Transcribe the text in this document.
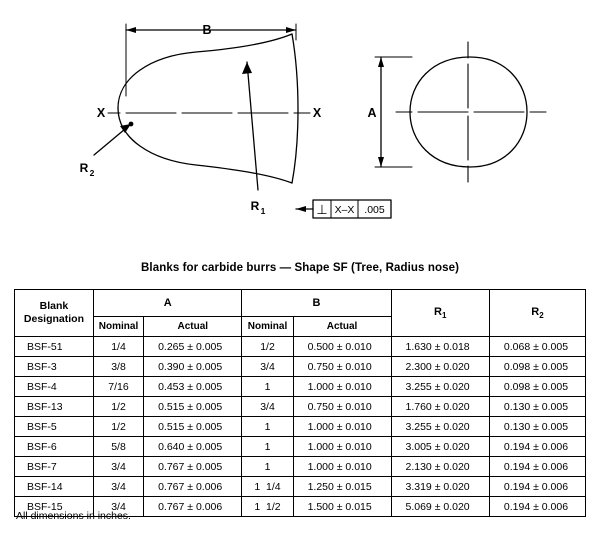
B
X	X
R 1
R 2
⊥ X–X .005
A
Blanks for carbide burrs — Shape SF (Tree, Radius nose)
Blank
Designation	A		B		$R_1$	$R_2$
	Nominal	Actual	Nominal	Actual		
BSF-51	1/4	0.265 ± 0.005	1/2	0.500 ± 0.010	1.630 ± 0.018	0.068 ± 0.005
BSF-3	3/8	0.390 ± 0.005	3/4	0.750 ± 0.010	2.300 ± 0.020	0.098 ± 0.005
BSF-4	7/16	0.453 ± 0.005	1	1.000 ± 0.010	3.255 ± 0.020	0.098 ± 0.005
BSF-13	1/2	0.515 ± 0.005	3/4	0.750 ± 0.010	1.760 ± 0.020	0.130 ± 0.005
BSF-5	1/2	0.515 ± 0.005	1	1.000 ± 0.010	3.255 ± 0.020	0.130 ± 0.005
BSF-6	5/8	0.640 ± 0.005	1	1.000 ± 0.010	3.005 ± 0.020	0.194 ± 0.006
BSF-7	3/4	0.767 ± 0.005	1	1.000 ± 0.010	2.130 ± 0.020	0.194 ± 0.006
BSF-14	3/4	0.767 ± 0.006	1  1/4	1.250 ± 0.015	3.319 ± 0.020	0.194 ± 0.006
BSF-15	3/4	0.767 ± 0.006	1  1/2	1.500 ± 0.015	5.069 ± 0.020	0.194 ± 0.006
All dimensions in inches.
